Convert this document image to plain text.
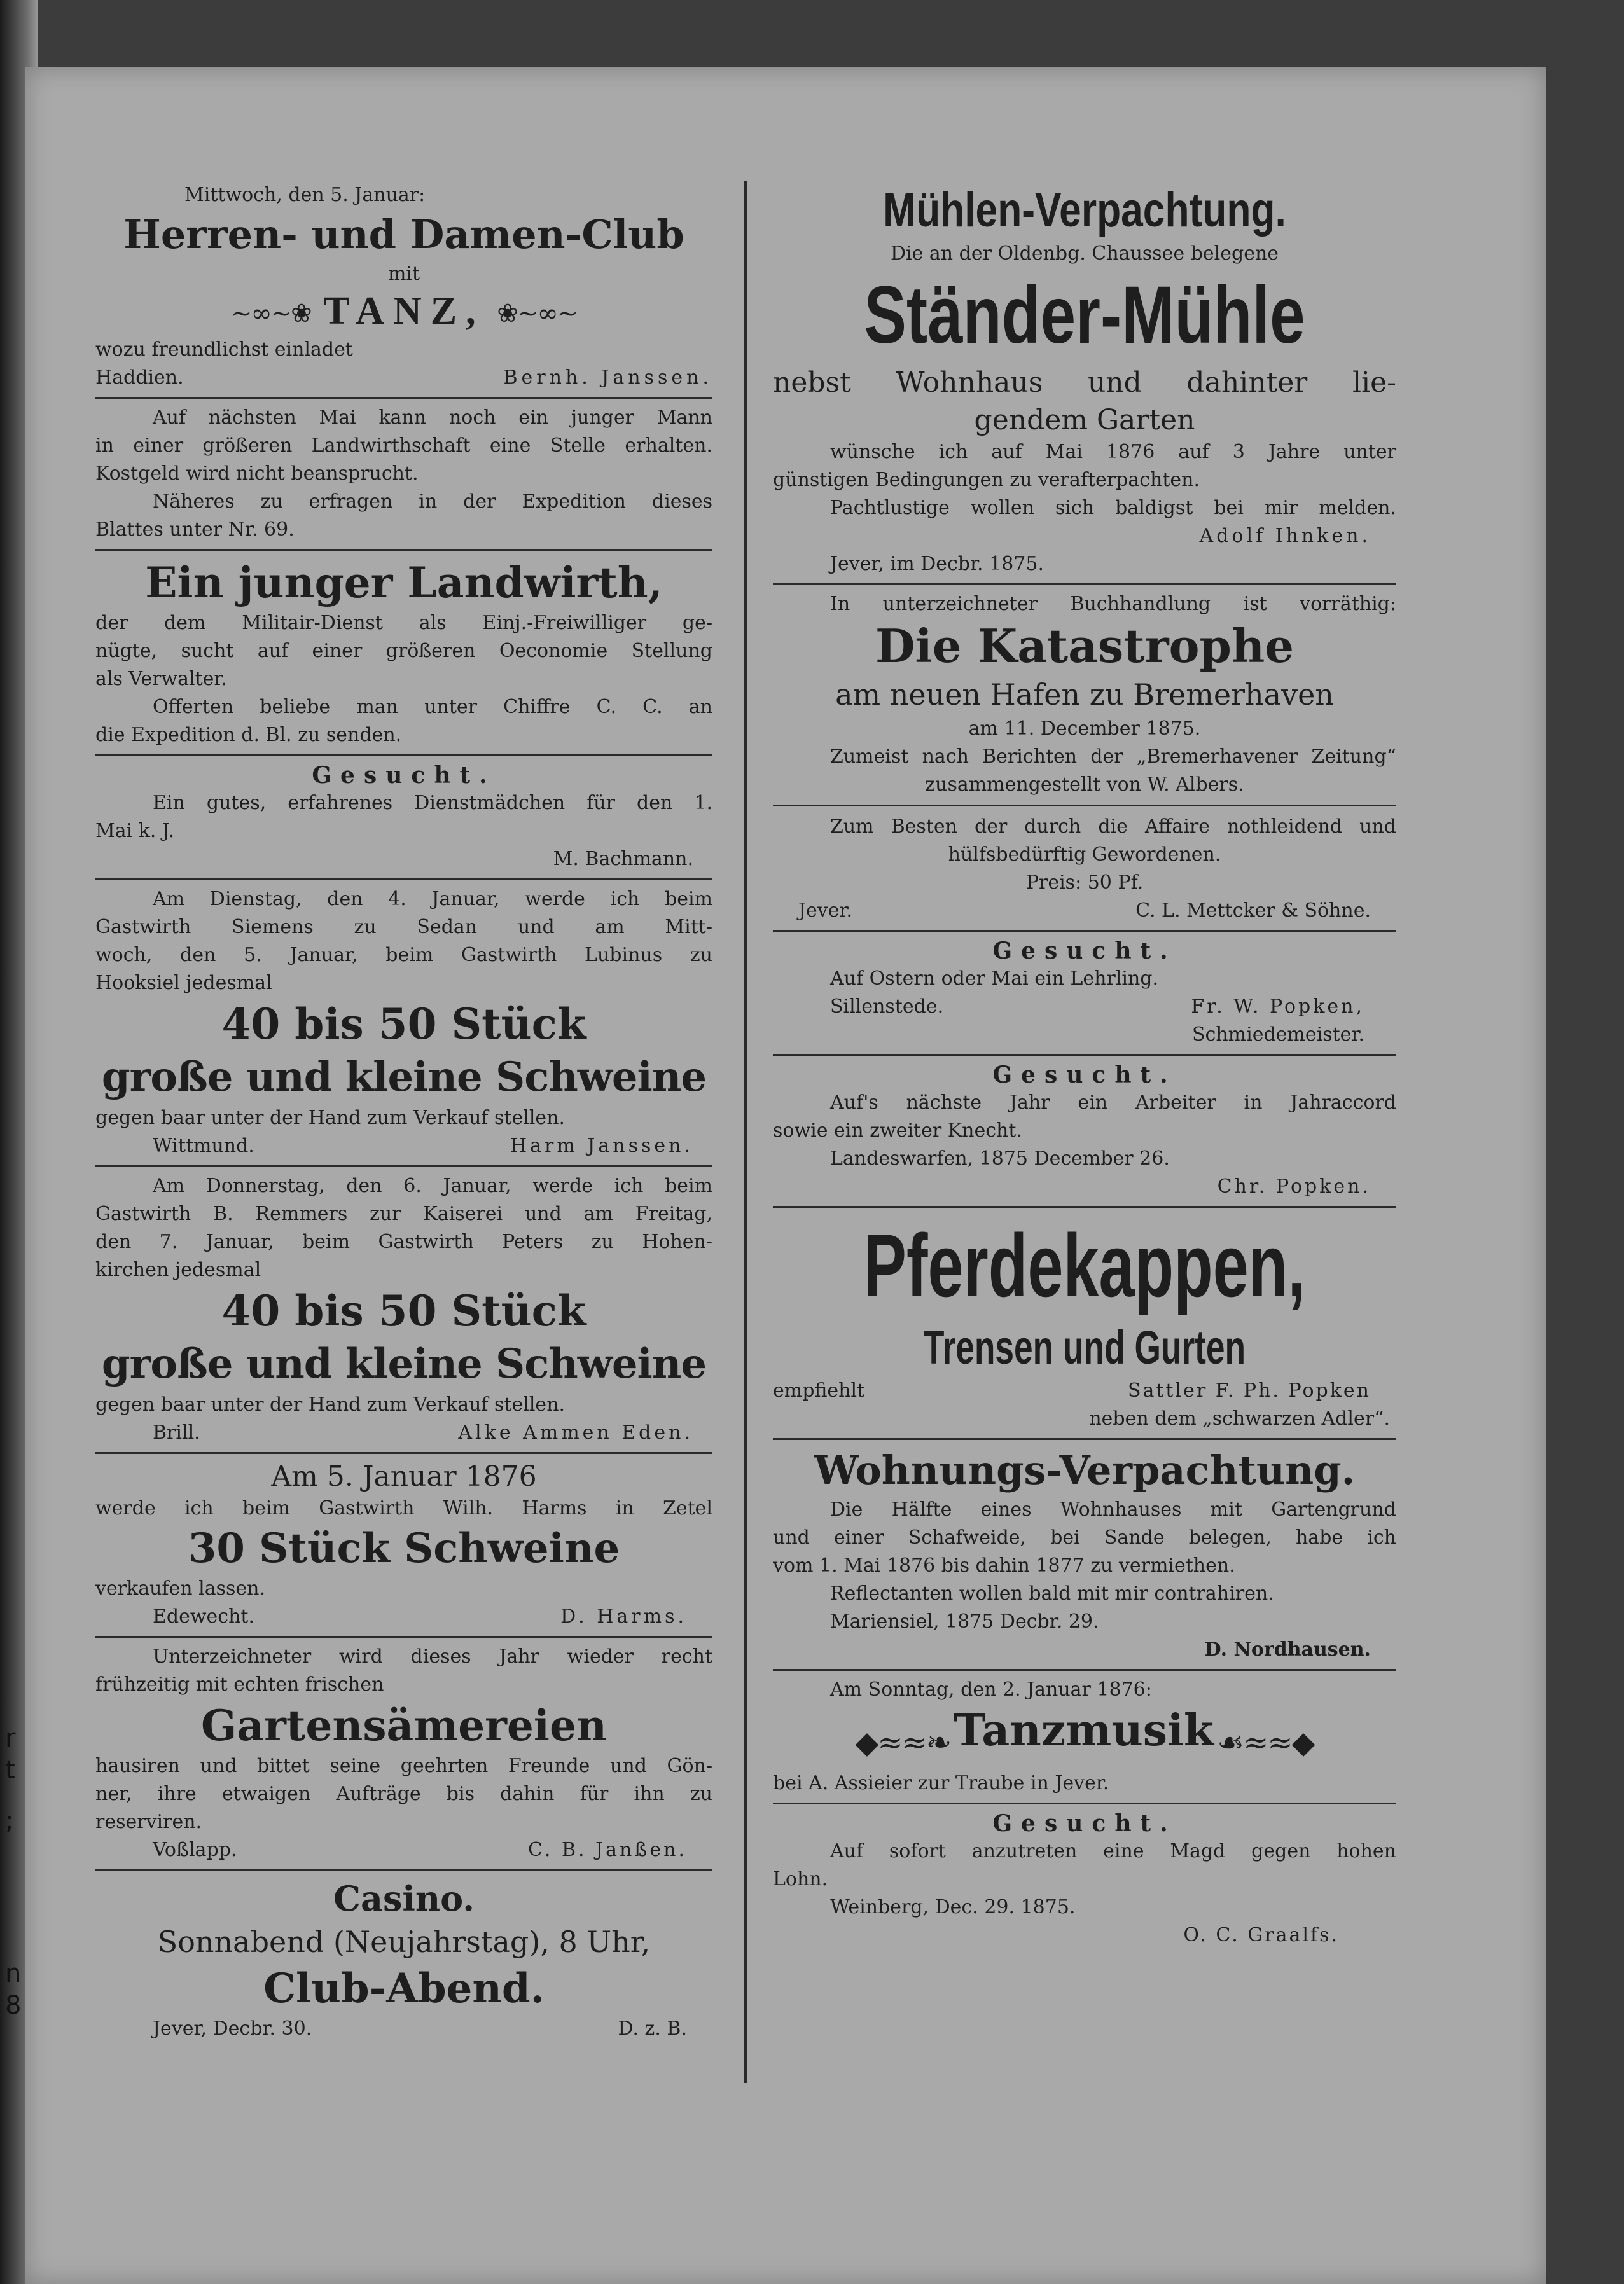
r
t
;
n
8

Mittwoch, den 5. Januar:

Herren- und Damen-Club

mit

~∞~❀ TANZ, ❀~∞~

wozu freundlichst einladet

Haddien.	Bernh. Janssen.

Auf nächsten Mai kann noch ein junger Mann

in einer größeren Landwirthschaft eine Stelle erhalten.

Kostgeld wird nicht beansprucht.

Näheres zu erfragen in der Expedition dieses

Blattes unter Nr. 69.

Ein junger Landwirth,

der dem Militair-Dienst als Einj.-Freiwilliger ge-

nügte, sucht auf einer größeren Oeconomie Stellung

als Verwalter.

Offerten beliebe man unter Chiffre C. C. an

die Expedition d. Bl. zu senden.

Gesucht.

Ein gutes, erfahrenes Dienstmädchen für den 1.

Mai k. J.

M. Bachmann.

Am Dienstag, den 4. Januar, werde ich beim

Gastwirth Siemens zu Sedan und am Mitt-

woch, den 5. Januar, beim Gastwirth Lubinus zu

Hooksiel jedesmal

40 bis 50 Stück

große und kleine Schweine

gegen baar unter der Hand zum Verkauf stellen.

Wittmund.	Harm Janssen.

Am Donnerstag, den 6. Januar, werde ich beim

Gastwirth B. Remmers zur Kaiserei und am Freitag,

den 7. Januar, beim Gastwirth Peters zu Hohen-

kirchen jedesmal

40 bis 50 Stück

große und kleine Schweine

gegen baar unter der Hand zum Verkauf stellen.

Brill.	Alke Ammen Eden.

Am 5. Januar 1876

werde ich beim Gastwirth Wilh. Harms in Zetel

30 Stück Schweine

verkaufen lassen.

Edewecht.	D. Harms.

Unterzeichneter wird dieses Jahr wieder recht

frühzeitig mit echten frischen

Gartensämereien

hausiren und bittet seine geehrten Freunde und Gön-

ner, ihre etwaigen Aufträge bis dahin für ihn zu

reserviren.

Voßlapp.	C. B. Janßen.

Casino.

Sonnabend (Neujahrstag), 8 Uhr,

Club-Abend.

Jever, Decbr. 30.	D. z. B.

Mühlen-Verpachtung.

Die an der Oldenbg. Chaussee belegene

Ständer-Mühle

nebst Wohnhaus und dahinter lie-

gendem Garten

wünsche ich auf Mai 1876 auf 3 Jahre unter

günstigen Bedingungen zu verafterpachten.

Pachtlustige wollen sich baldigst bei mir melden.

Adolf Ihnken.

Jever, im Decbr. 1875.

In unterzeichneter Buchhandlung ist vorräthig:

Die Katastrophe

am neuen Hafen zu Bremerhaven

am 11. December 1875.

Zumeist nach Berichten der „Bremerhavener Zeitung“

zusammengestellt von W. Albers.

Zum Besten der durch die Affaire nothleidend und

hülfsbedürftig Gewordenen.

Preis: 50 Pf.

Jever.	C. L. Mettcker & Söhne.

Gesucht.

Auf Ostern oder Mai ein Lehrling.

Sillenstede.	Fr. W. Popken,

Schmiedemeister.

Gesucht.

Auf's nächste Jahr ein Arbeiter in Jahraccord

sowie ein zweiter Knecht.

Landeswarfen, 1875 December 26.

Chr. Popken.

Pferdekappen,

Trensen und Gurten

empfiehlt	Sattler F. Ph. Popken

neben dem „schwarzen Adler“.

Wohnungs-Verpachtung.

Die Hälfte eines Wohnhauses mit Gartengrund

und einer Schafweide, bei Sande belegen, habe ich

vom 1. Mai 1876 bis dahin 1877 zu vermiethen.

Reflectanten wollen bald mit mir contrahiren.

Mariensiel, 1875 Decbr. 29.

D. Nordhausen.

Am Sonntag, den 2. Januar 1876:

◆≈≈❧ Tanzmusik ☙≈≈◆

bei A. Assieier zur Traube in Jever.

Gesucht.

Auf sofort anzutreten eine Magd gegen hohen

Lohn.

Weinberg, Dec. 29. 1875.

O. C. Graalfs.
